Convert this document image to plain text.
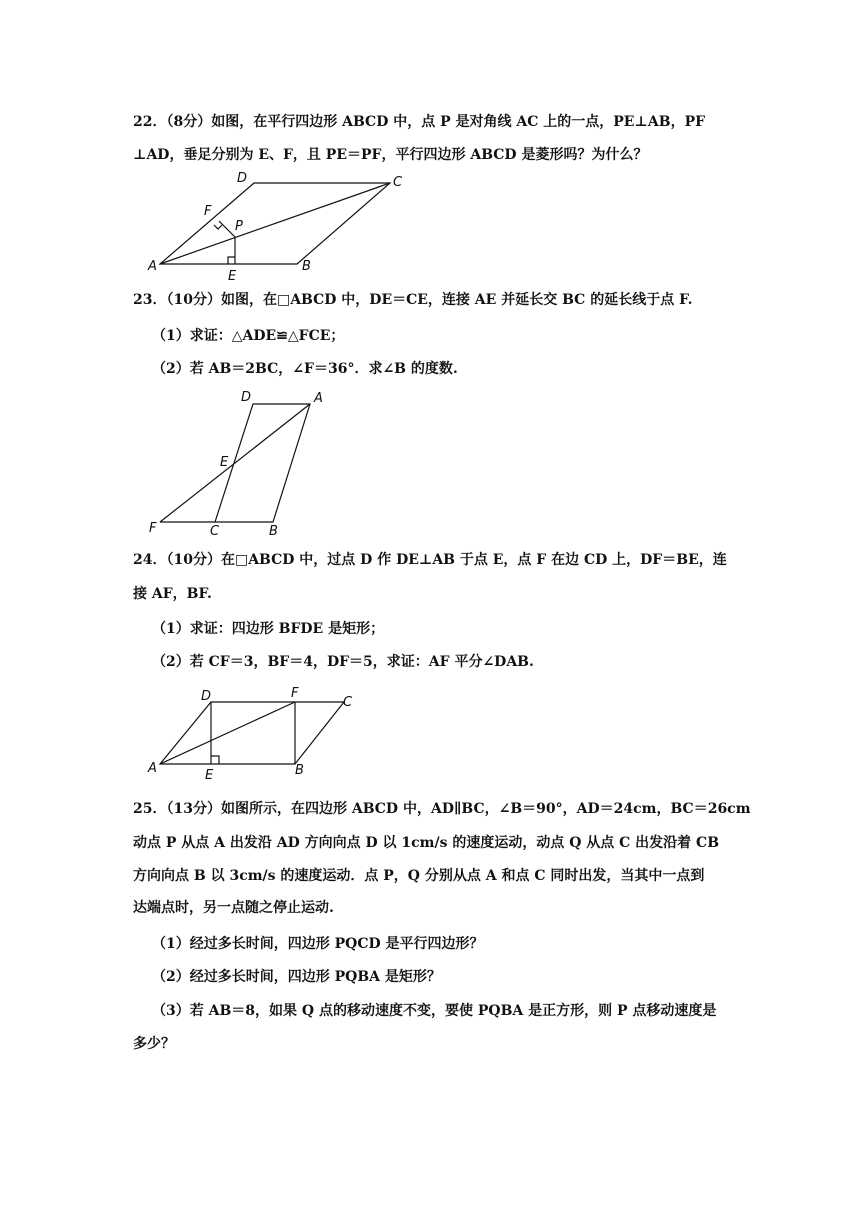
22．（8分）如图，在平行四边形 ABCD 中，点 P 是对角线 AC 上的一点，PE⊥AB，PF
⊥AD，垂足分别为 E、F，且 PE＝PF，平行四边形 ABCD 是菱形吗？为什么？
A	B
C
D
E
F
P
23．（10分）如图，在□ABCD 中，DE＝CE，连接 AE 并延长交 BC 的延长线于点 F.
（1）求证：△ADE≌△FCE；
（2）若 AB＝2BC，∠F＝36°．求∠B 的度数.
D	A
E
F	C	B
24．（10分）在□ABCD 中，过点 D 作 DE⊥AB 于点 E，点 F 在边 CD 上，DF＝BE，连
接 AF，BF.
（1）求证：四边形 BFDE 是矩形；
（2）若 CF＝3，BF＝4，DF＝5，求证：AF 平分∠DAB.
D	F
C
A	E	B
25．（13分）如图所示，在四边形 ABCD 中，AD∥BC，∠B＝90°，AD＝24cm，BC＝26cm
动点 P 从点 A 出发沿 AD 方向向点 D 以 1cm/s 的速度运动，动点 Q 从点 C 出发沿着 CB
方向向点 B 以 3cm/s 的速度运动．点 P，Q 分别从点 A 和点 C 同时出发，当其中一点到
达端点时，另一点随之停止运动.
（1）经过多长时间，四边形 PQCD 是平行四边形？
（2）经过多长时间，四边形 PQBA 是矩形？
（3）若 AB＝8，如果 Q 点的移动速度不变，要使 PQBA 是正方形，则 P 点移动速度是
多少？
